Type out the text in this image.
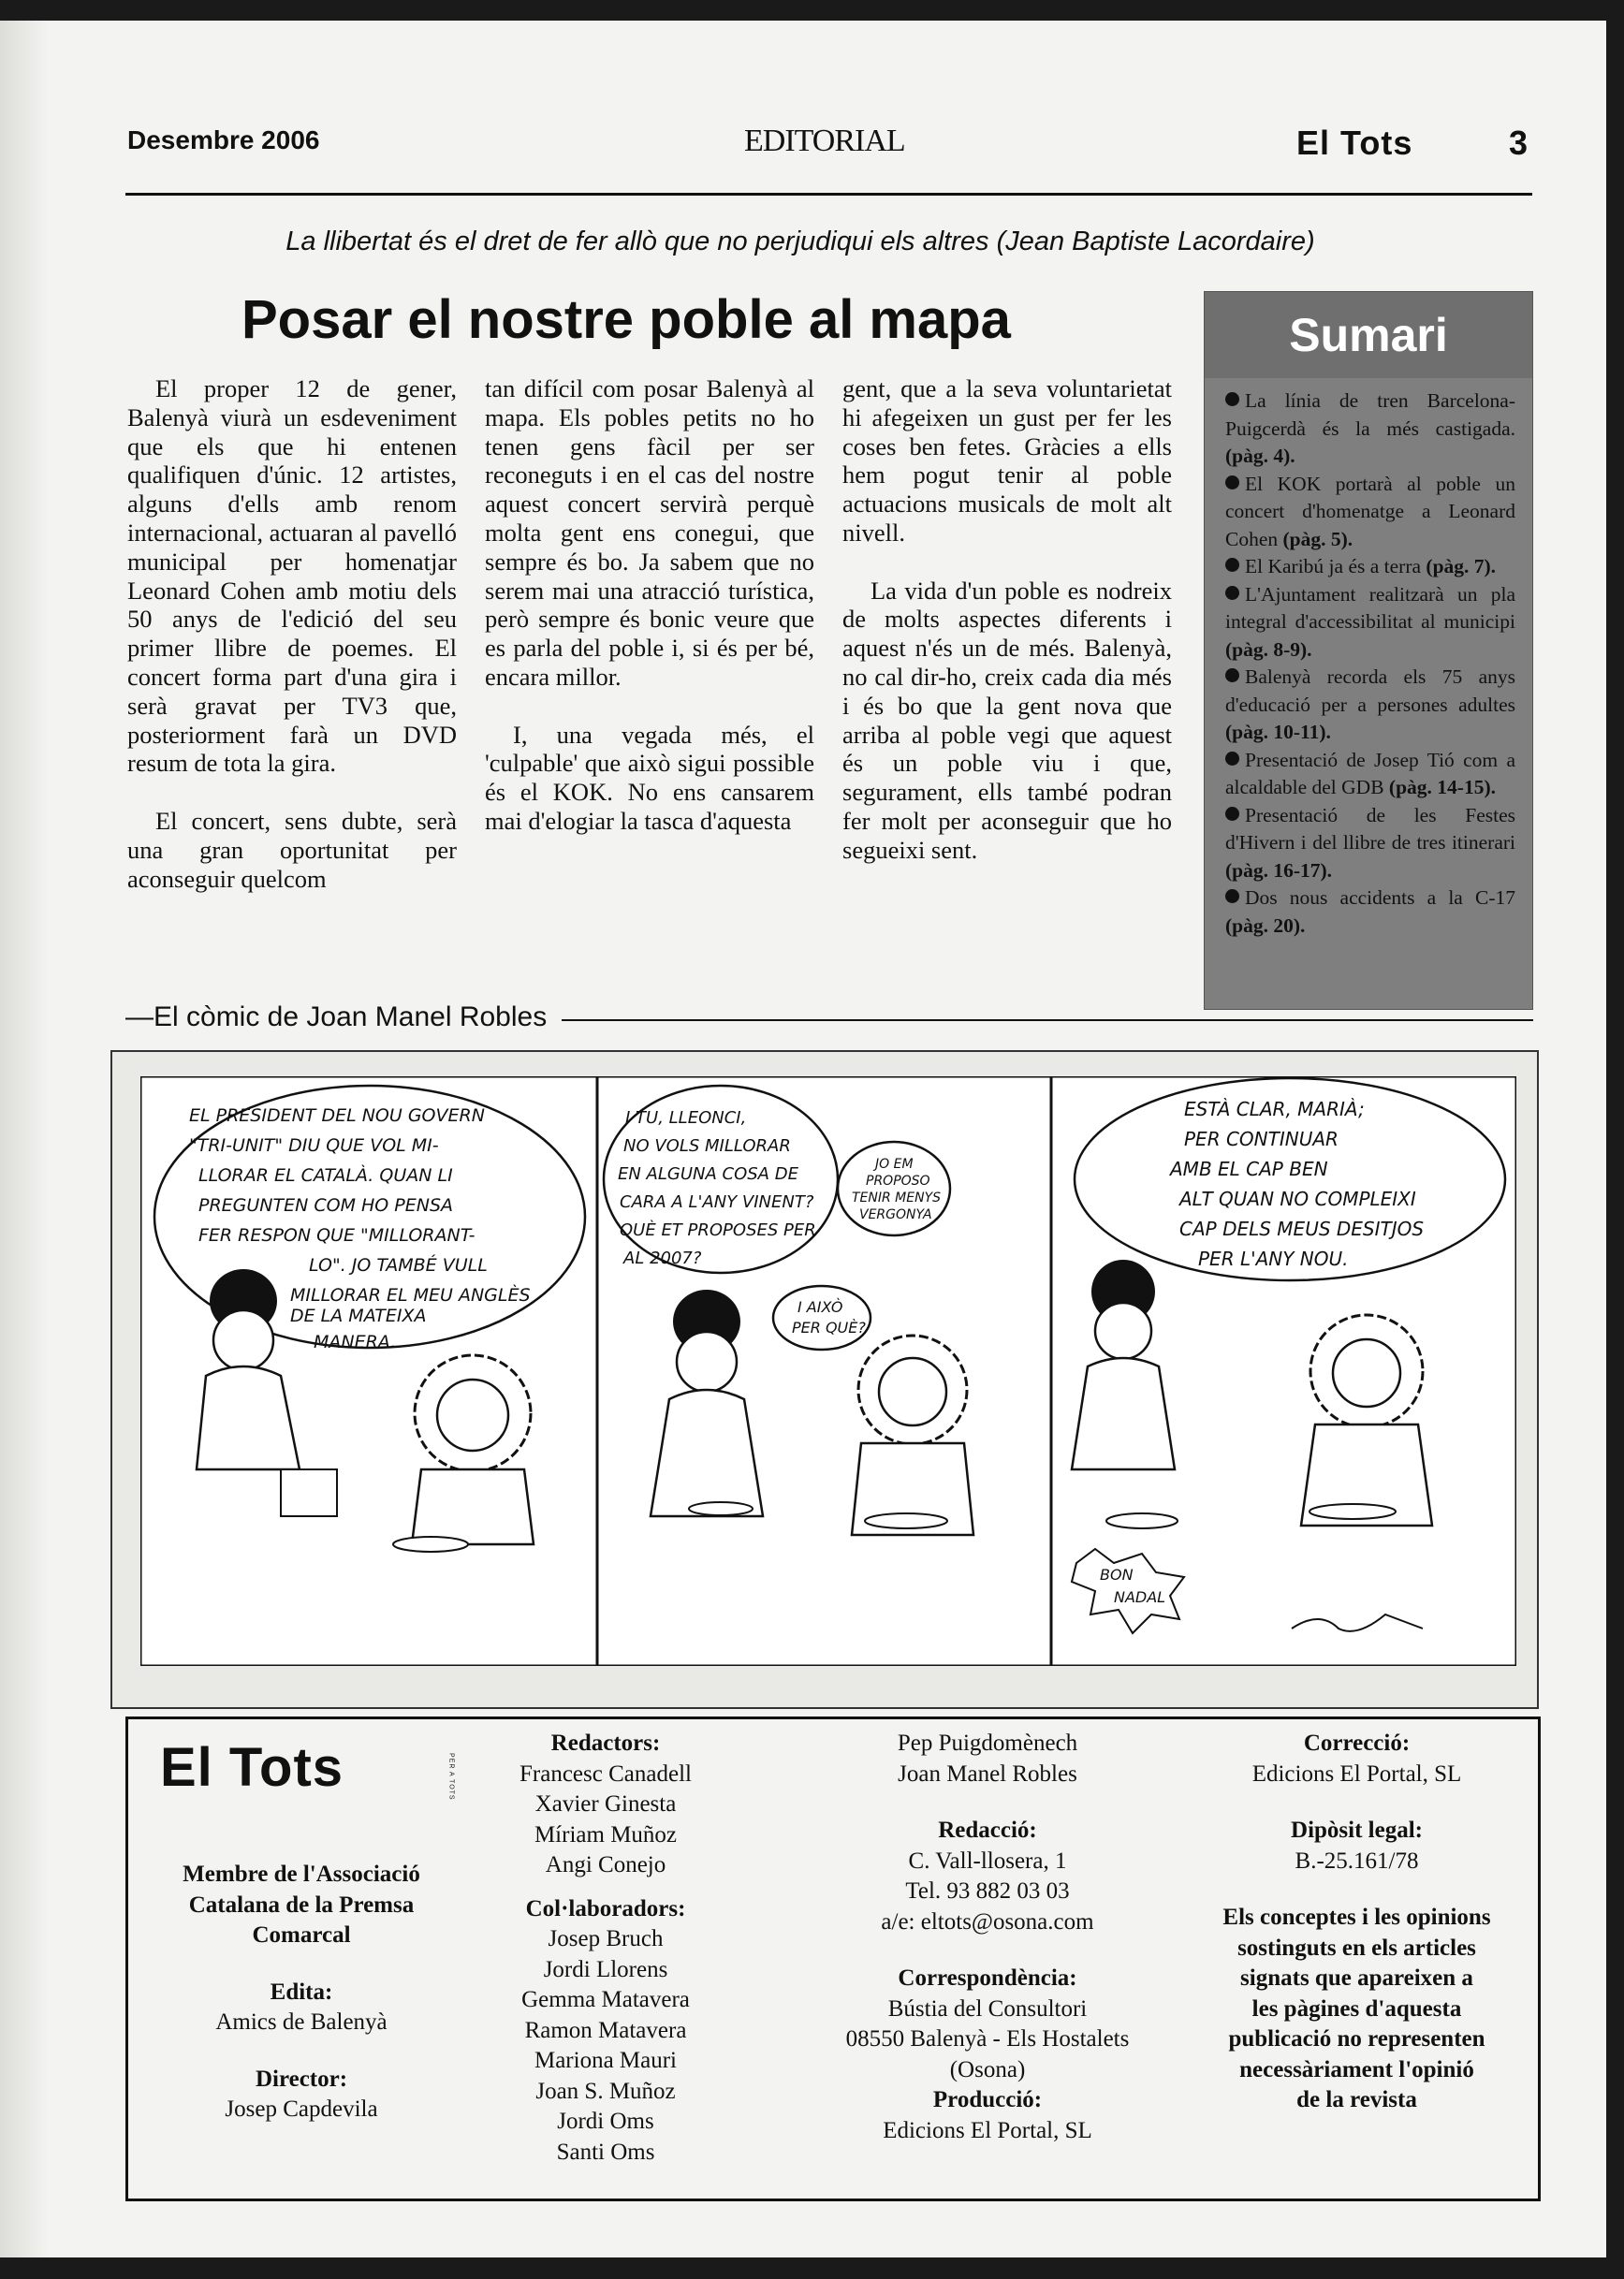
Desembre 2006	EDITORIAL	El Tots	3
La llibertat és el dret de fer allò que no perjudiqui els altres (Jean Baptiste Lacordaire)
Posar el nostre poble al mapa

El proper 12 de gener, Balenyà viurà un esdeveniment que els que hi entenen qualifiquen d'únic. 12 artistes, alguns d'ells amb renom internacional, actuaran al pavelló municipal per homenatjar Leonard Cohen amb motiu dels 50 anys de l'edició del seu primer llibre de poemes. El concert forma part d'una gira i serà gravat per TV3 que, posteriorment farà un DVD resum de tota la gira.

El concert, sens dubte, serà una gran oportunitat per aconseguir quelcom

tan difícil com posar Balenyà al mapa. Els pobles petits no ho tenen gens fàcil per ser reconeguts i en el cas del nostre aquest concert servirà perquè molta gent ens conegui, que sempre és bo. Ja sabem que no serem mai una atracció turística, però sempre és bonic veure que es parla del poble i, si és per bé, encara millor.

I, una vegada més, el 'culpable' que això sigui possible és el KOK. No ens cansarem mai d'elogiar la tasca d'aquesta

gent, que a la seva voluntarietat hi afegeixen un gust per fer les coses ben fetes. Gràcies a ells hem pogut tenir al poble actuacions musicals de molt alt nivell.

La vida d'un poble es nodreix de molts aspectes diferents i aquest n'és un de més. Balenyà, no cal dir-ho, creix cada dia més i és bo que la gent nova que arriba al poble vegi que aquest és un poble viu i que, segurament, ells també podran fer molt per aconseguir que ho segueixi sent.

Sumari
La línia de tren Barcelona-Puigcerdà és la més castigada. (pàg. 4).
El KOK portarà al poble un concert d'homenatge a Leonard Cohen (pàg. 5).
El Karibú ja és a terra (pàg. 7).
L'Ajuntament realitzarà un pla integral d'accessibilitat al municipi (pàg. 8-9).
Balenyà recorda els 75 anys d'educació per a persones adultes (pàg. 10-11).
Presentació de Josep Tió com a alcaldable del GDB (pàg. 14-15).
Presentació de les Festes d'Hivern i del llibre de tres itinerari (pàg. 16-17).
Dos nous accidents a la C-17 (pàg. 20).
—El còmic de Joan Manel Robles
EL PRESIDENT DEL NOU GOVERN "TRI-UNIT" DIU QUE VOL MI- LLORAR EL CATALÀ. QUAN LI PREGUNTEN COM HO PENSA FER RESPON QUE "MILLORANT- LO". JO TAMBÉ VULL MILLORAR EL MEU ANGLÈS DE LA MATEIXA MANERA.
I TU, LLEONCI, NO VOLS MILLORAR EN ALGUNA COSA DE CARA A L'ANY VINENT? QUÈ ET PROPOSES PER AL 2007?
JO EM PROPOSO TENIR MENYS VERGONYA
I AIXÒ PER QUÈ?
ESTÀ CLAR, MARIÀ; PER CONTINUAR AMB EL CAP BEN ALT QUAN NO COMPLEIXI CAP DELS MEUS DESITJOS PER L'ANY NOU.
BON NADAL
El Tots	PER A TOTS
Membre de l'Associació
Catalana de la Premsa
Comarcal
Edita:
Amics de Balenyà
Director:
Josep Capdevila
Redactors:
Francesc Canadell
Xavier Ginesta
Míriam Muñoz
Angi Conejo
Col·laboradors:
Josep Bruch
Jordi Llorens
Gemma Matavera
Ramon Matavera
Mariona Mauri
Joan S. Muñoz
Jordi Oms
Santi Oms
Pep Puigdomènech
Joan Manel Robles
Redacció:
C. Vall-llosera, 1
Tel. 93 882 03 03
a/e: eltots@osona.com
Correspondència:
Bústia del Consultori
08550 Balenyà - Els Hostalets
(Osona)
Producció:
Edicions El Portal, SL
Correcció:
Edicions El Portal, SL
Dipòsit legal:
B.-25.161/78
Els conceptes i les opinions
sostinguts en els articles
signats que apareixen a
les pàgines d'aquesta
publicació no representen
necessàriament l'opinió
de la revista
